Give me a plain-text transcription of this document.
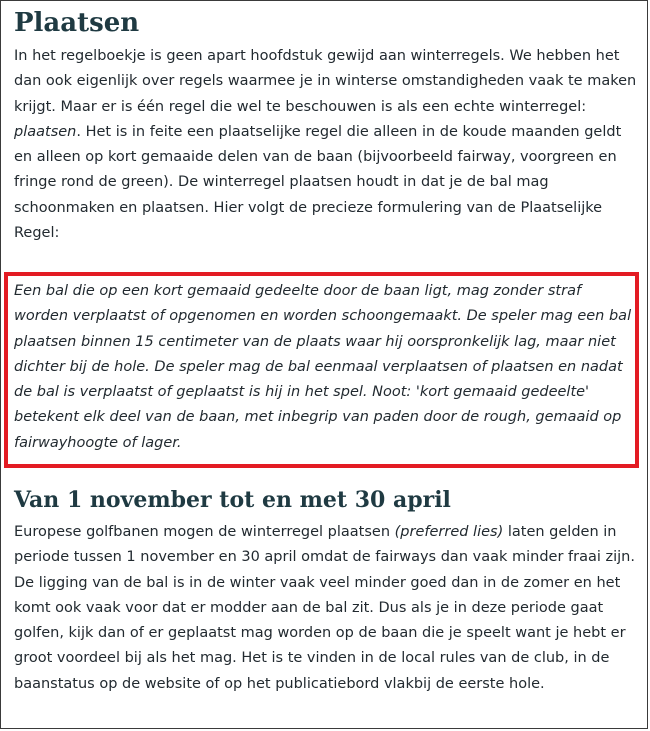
Plaatsen

In het regelboekje is geen apart hoofdstuk gewijd aan winterregels. We hebben het dan ook eigenlijk over regels waarmee je in winterse omstandigheden vaak te maken krijgt. Maar er is één regel die wel te beschouwen is als een echte winterregel: plaatsen. Het is in feite een plaatselijke regel die alleen in de koude maanden geldt en alleen op kort gemaaide delen van de baan (bijvoorbeeld fairway, voorgreen en fringe rond de green). De winterregel plaatsen houdt in dat je de bal mag schoonmaken en plaatsen. Hier volgt de precieze formulering van de Plaatselijke Regel:

Een bal die op een kort gemaaid gedeelte door de baan ligt, mag zonder straf worden verplaatst of opgenomen en worden schoongemaakt. De speler mag een bal plaatsen binnen 15 centimeter van de plaats waar hij oorspronkelijk lag, maar niet dichter bij de hole. De speler mag de bal eenmaal verplaatsen of plaatsen en nadat de bal is verplaatst of geplaatst is hij in het spel. Noot: 'kort gemaaid gedeelte' betekent elk deel van de baan, met inbegrip van paden door de rough, gemaaid op fairwayhoogte of lager.

Van 1 november tot en met 30 april

Europese golfbanen mogen de winterregel plaatsen (preferred lies) laten gelden in periode tussen 1 november en 30 april omdat de fairways dan vaak minder fraai zijn. De ligging van de bal is in de winter vaak veel minder goed dan in de zomer en het komt ook vaak voor dat er modder aan de bal zit. Dus als je in deze periode gaat golfen, kijk dan of er geplaatst mag worden op de baan die je speelt want je hebt er groot voordeel bij als het mag. Het is te vinden in de local rules van de club, in de baanstatus op de website of op het publicatiebord vlakbij de eerste hole.
